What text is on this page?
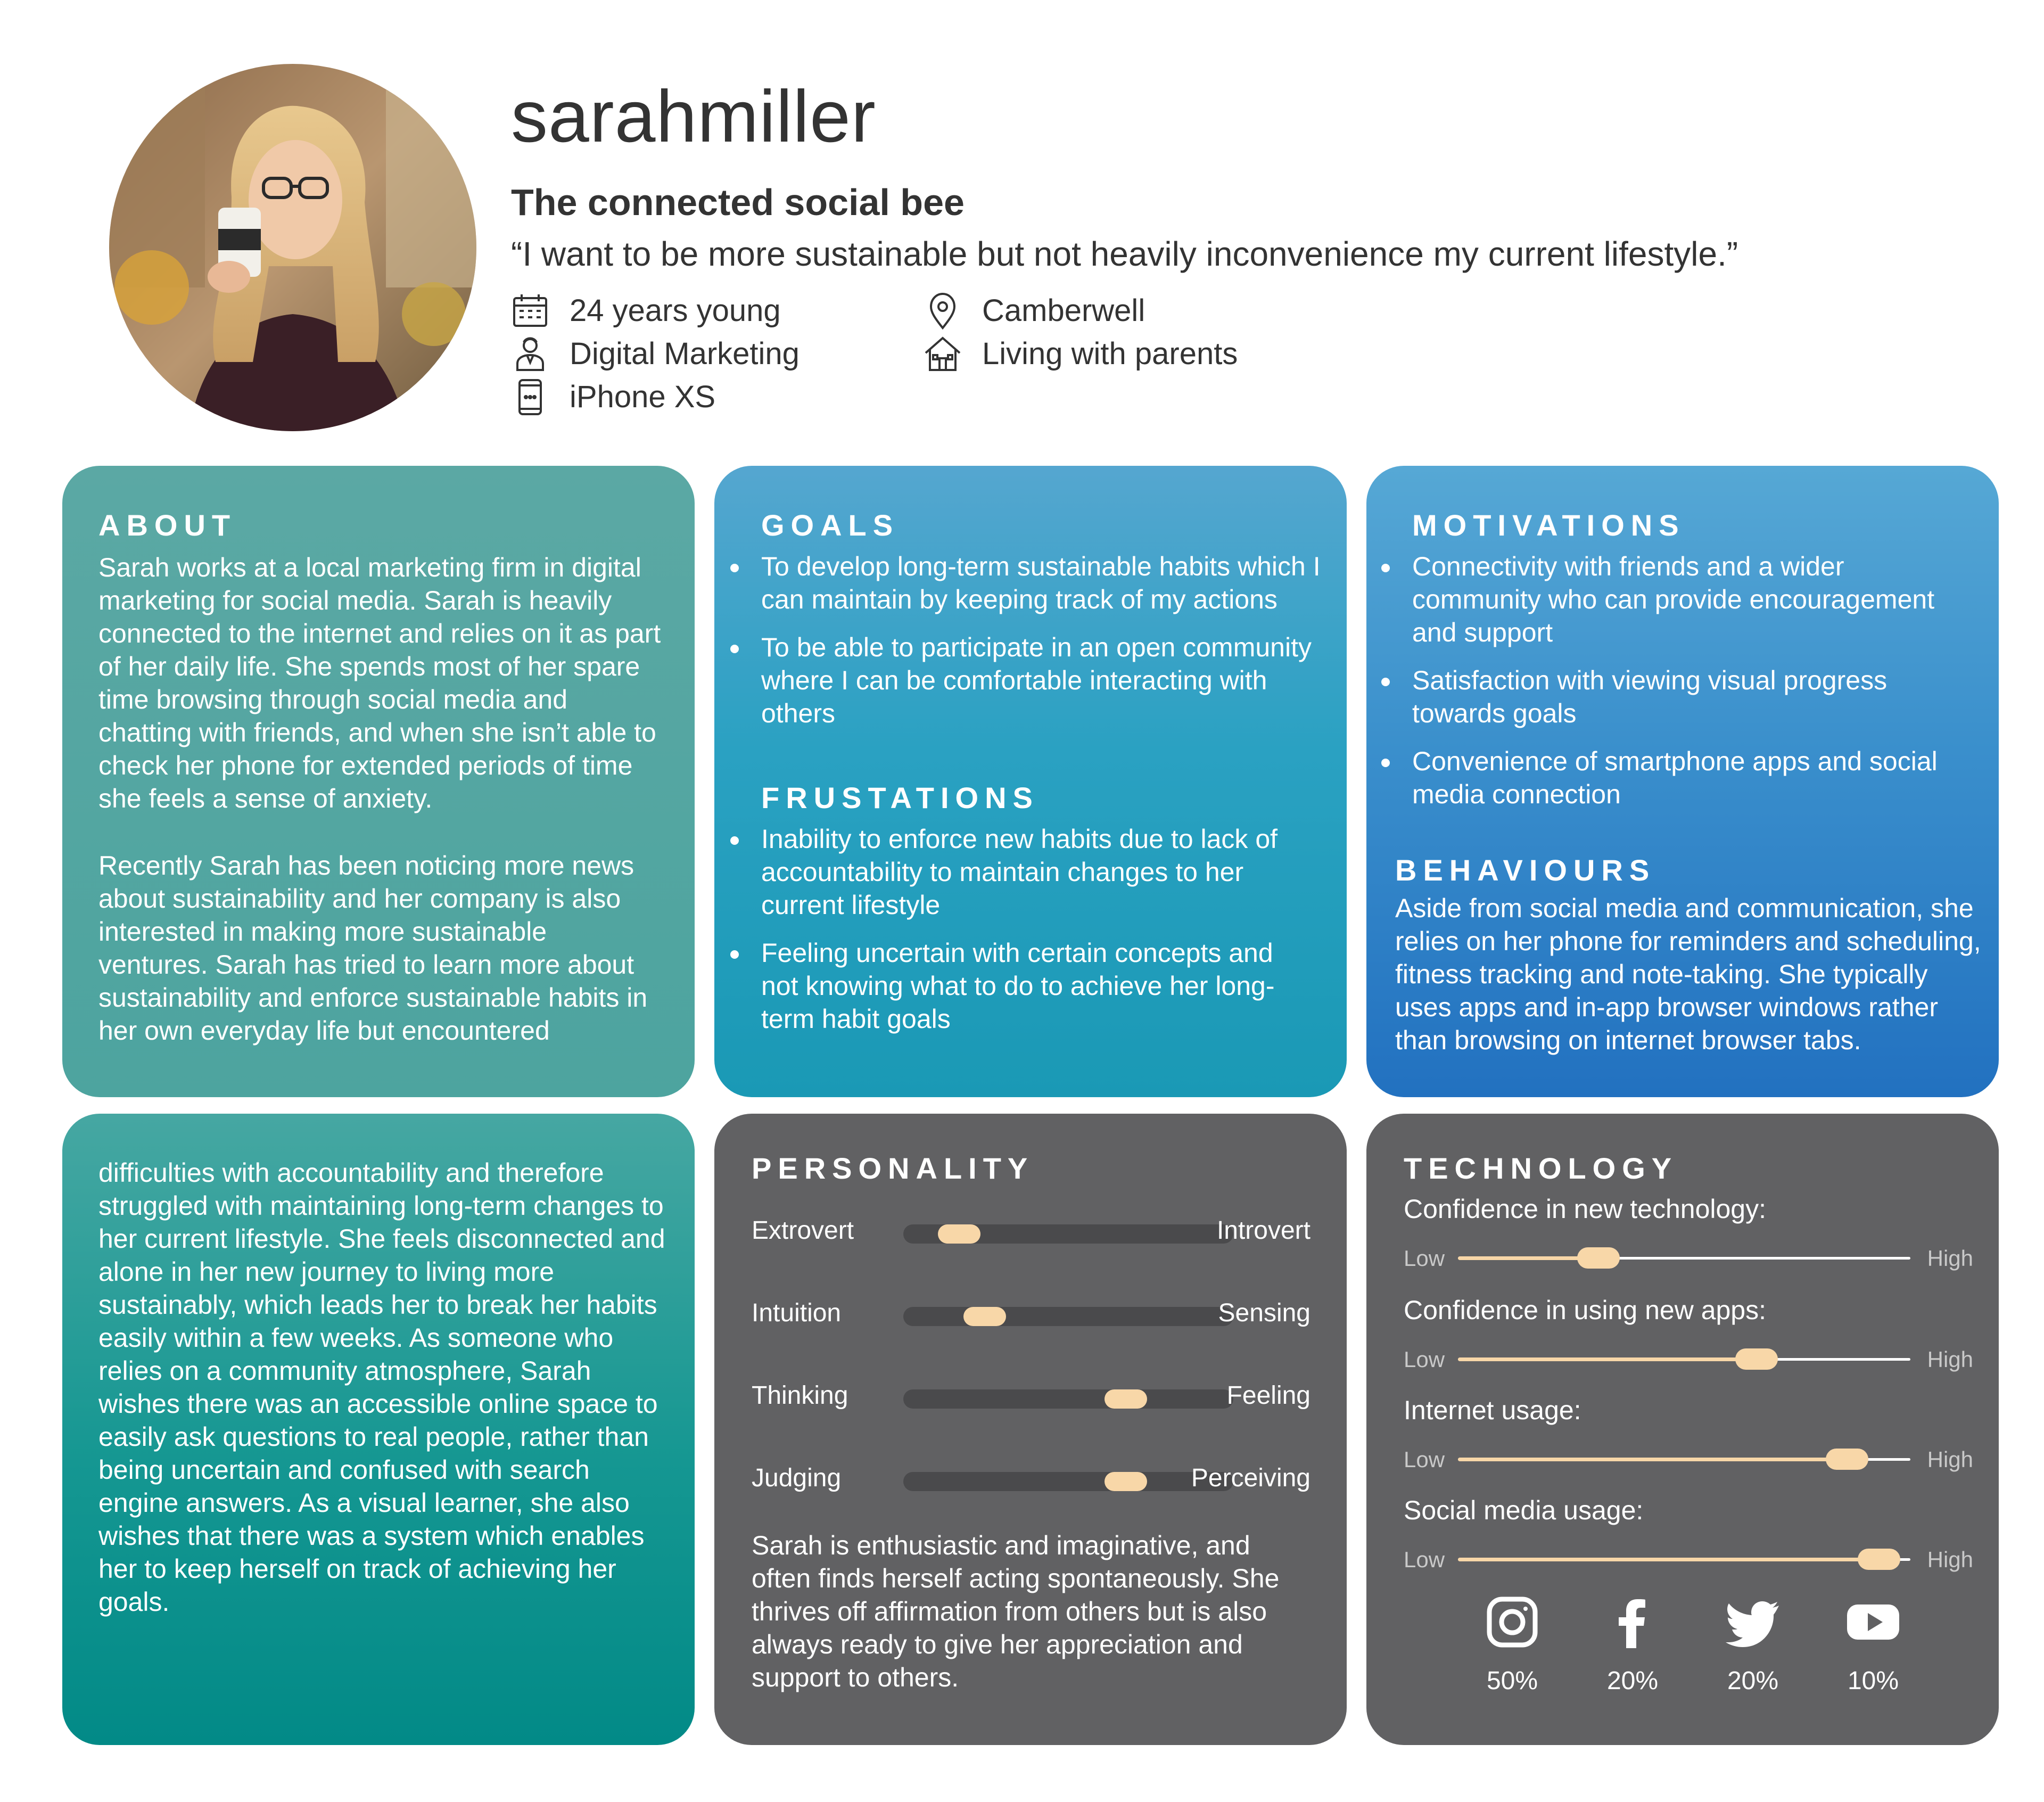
sarahmiller
The connected social bee
“I want to be more sustainable but not heavily inconvenience my current lifestyle.”
24 years young
Digital Marketing
iPhone XS
Camberwell
Living with parents
ABOUT
Sarah works at a local marketing firm in digital marketing for social media. Sarah is heavily connected to the internet and relies on it as part of her daily life. She spends most of her spare time browsing through social media and chatting with friends, and when she isn’t able to check her phone for extended periods of time she feels a sense of anxiety.
Recently Sarah has been noticing more news about sustainability and her company is also interested in making more sustainable ventures. Sarah has tried to learn more about sustainability and enforce sustainable habits in her own everyday life but encountered
GOALS
To develop long-term sustainable habits which I can maintain by keeping track of my actions
To be able to participate in an open community where I can be comfortable interacting with others
FRUSTATIONS
Inability to enforce new habits due to lack of accountability to maintain changes to her current lifestyle
Feeling uncertain with certain concepts and not knowing what to do to achieve her long-term habit goals
MOTIVATIONS
Connectivity with friends and a wider community who can provide encouragement and support
Satisfaction with viewing visual progress towards goals
Convenience of smartphone apps and social media connection
BEHAVIOURS
Aside from social media and communication, she relies on her phone for reminders and scheduling, fitness tracking and note-taking. She typically uses apps and in-app browser windows rather than browsing on internet browser tabs.
difficulties with accountability and therefore struggled with maintaining long-term changes to her current lifestyle. She feels disconnected and alone in her new journey to living more sustainably, which leads her to break her habits easily within a few weeks. As someone who relies on a community atmosphere, Sarah wishes there was an accessible online space to easily ask questions to real people, rather than being uncertain and confused with search engine answers. As a visual learner, she also wishes that there was a system which enables her to keep herself on track of achieving her goals.
PERSONALITY
Extrovert	Introvert
Intuition	Sensing
Thinking	Feeling
Judging	Perceiving
Sarah is enthusiastic and imaginative, and often finds herself acting spontaneously. She thrives off affirmation from others but is also always ready to give her appreciation and support to others.
TECHNOLOGY
Confidence in new technology:
Low	High
Confidence in using new apps:
Low	High
Internet usage:
Low	High
Social media usage:
Low	High
50%	20%	20%	10%
